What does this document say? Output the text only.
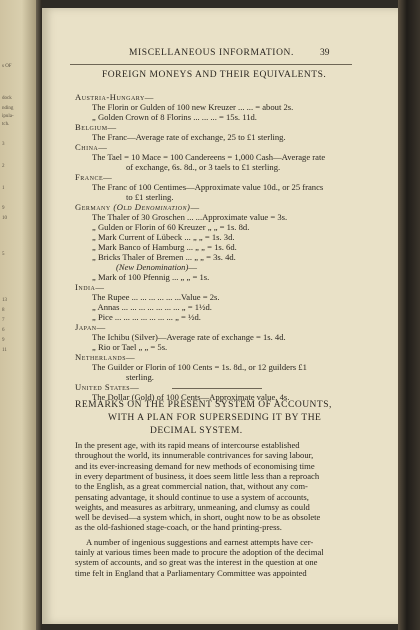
s OF
dock
nding
ipula-
tch.
3
2
1
9
10
5
13
8
7
6
9
11
MISCELLANEOUS INFORMATION.	39
FOREIGN MONEYS AND THEIR EQUIVALENTS.
Austria-Hungary—
The Florin or Gulden of 100 new Kreuzer ... ... = about 2s.
„ Golden Crown of 8 Florins ... ... ... = 15s. 11d.
Belgium—
The Franc—Average rate of exchange, 25 to £1 sterling.
China—
The Tael = 10 Mace = 100 Candereens = 1,000 Cash—Average rate
of exchange, 6s. 8d., or 3 taels to £1 sterling.
France—
The Franc of 100 Centimes—Approximate value 10d., or 25 francs
to £1 sterling.
Germany (Old Denomination)—
The Thaler of 30 Groschen ... ...Approximate value = 3s.
„ Gulden or Florin of 60 Kreuzer „ „ = 1s. 8d.
„ Mark Current of Lübeck ... „ „ = 1s. 3d.
„ Mark Banco of Hamburg ... „ „ = 1s. 6d.
„ Bricks Thaler of Bremen ... „ „ = 3s. 4d.
(New Denomination)—
„ Mark of 100 Pfennig ... „ „ = 1s.
India—
The Rupee ... ... ... ... ... ...Value = 2s.
„ Annas ... ... ... ... ... ... ... „ = 1½d.
„ Pice ... ... ... ... ... ... ... „ = ½d.
Japan—
The Ichibu (Silver)—Average rate of exchange = 1s. 4d.
„ Rio or Tael „ „ = 5s.
Netherlands—
The Guilder or Florin of 100 Cents = 1s. 8d., or 12 guilders £1
sterling.
United States—
The Dollar (Gold) of 100 Cents—Approximate value, 4s.
REMARKS ON THE PRESENT SYSTEM OF ACCOUNTS,
WITH A PLAN FOR SUPERSEDING IT BY THE
DECIMAL SYSTEM.
In the present age, with its rapid means of intercourse established
throughout the world, its innumerable contrivances for saving labour,
and its ever-increasing demand for new methods of economising time
in every department of business, it does seem little less than a reproach
to the English, as a great commercial nation, that, without any com-
pensating advantage, it should continue to use a system of accounts,
weights, and measures as arbitrary, unmeaning, and clumsy as could
well be devised—a system which, in short, ought now to be as obsolete
as the old-fashioned stage-coach, or the hand printing-press.
A number of ingenious suggestions and earnest attempts have cer-
tainly at various times been made to procure the adoption of the decimal
system of accounts, and so great was the interest in the question at one
time felt in England that a Parliamentary Committee was appointed
